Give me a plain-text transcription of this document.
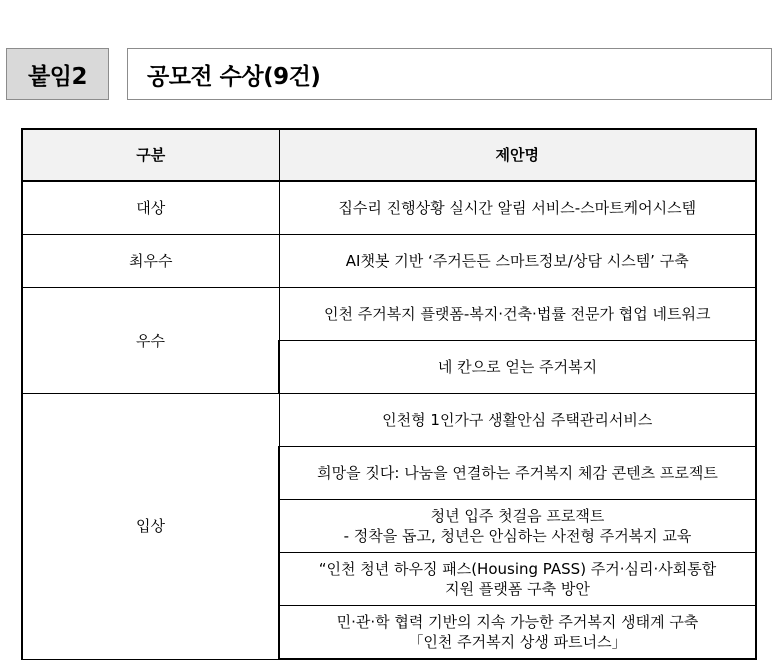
붙임2	공모전 수상(9건)
구분	제안명
대상	집수리 진행상황 실시간 알림 서비스-스마트케어시스템

최우수	AI챗봇 기반 ‘주거든든 스마트정보/상담 시스템’ 구축

우수	인천 주거복지 플랫폼-복지·건축·법률 전문가 협업 네트워크

	네 칸으로 얻는 주거복지

입상	인천형 1인가구 생활안심 주택관리서비스

	희망을 짓다: 나눔을 연결하는 주거복지 체감 콘텐츠 프로젝트

	청년 입주 첫걸음 프로잭트
- 정착을 돕고, 청년은 안심하는 사전형 주거복지 교육

	“인천 청년 하우징 패스(Housing PASS) 주거·심리·사회통합
지원 플랫폼 구축 방안

	민·관·학 협력 기반의 지속 가능한 주거복지 생태계 구축
「인천 주거복지 상생 파트너스」
